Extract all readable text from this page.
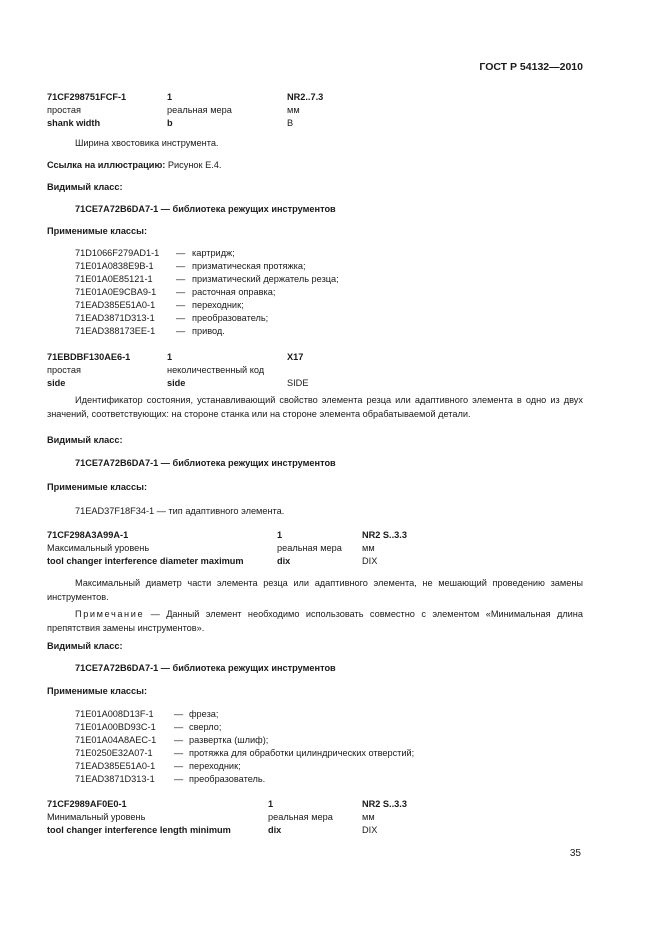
ГОСТ Р 54132—2010
71CF298751FCF-1	1	NR2..7.3
простая	реальная мера	мм
shank width	b	B
Ширина хвостовика инструмента.
Ссылка на иллюстрацию: Рисунок Е.4.
Видимый класс:
71CE7A72B6DA7-1 — библиотека режущих инструментов
Применимые классы:
71D1066F279AD1-1 — картридж;
71E01A0838E9B-1 — призматическая протяжка;
71E01A0E85121-1	— призматический держатель резца;
71E01A0E9CBA9-1 — расточная оправка;
71EAD385E51A0-1 — переходник;
71EAD3871D313-1 — преобразователь;
71EAD388173EE-1 — привод.
71EBDBF130AE6-1	1	X17
простая	неколичественный код
side	side	SIDE
Идентификатор состояния, устанавливающий свойство элемента резца или адаптивного элемента в одно из двух значений, соответствующих: на стороне станка или на стороне элемента обрабатываемой детали.
Видимый класс:
71CE7A72B6DA7-1 — библиотека режущих инструментов
Применимые классы:
71EAD37F18F34-1 — тип адаптивного элемента.
71CF298A3A99A-1	1	NR2 S..3.3
Максимальный уровень	реальная мера мм
tool changer interference diameter maximum	dix	DIX
Максимальный диаметр части элемента резца или адаптивного элемента, не мешающий проведению замены инструментов.
Примечание — Данный элемент необходимо использовать совместно с элементом «Минимальная длина препятствия замены инструментов».
Видимый класс:
71CE7A72B6DA7-1 — библиотека режущих инструментов
Применимые классы:
71E01A008D13F-1 — фреза;
71E01A00BD93C-1 — сверло;
71E01A04A8AEC-1 — развертка (шлиф);
71E0250E32A07-1 — протяжка для обработки цилиндрических отверстий;
71EAD385E51A0-1 — переходник;
71EAD3871D313-1 — преобразователь.
71CF2989AF0E0-1	1	NR2 S..3.3
Минимальный уровень	реальная мера	мм
tool changer interference length minimum	dix	DIX
35
